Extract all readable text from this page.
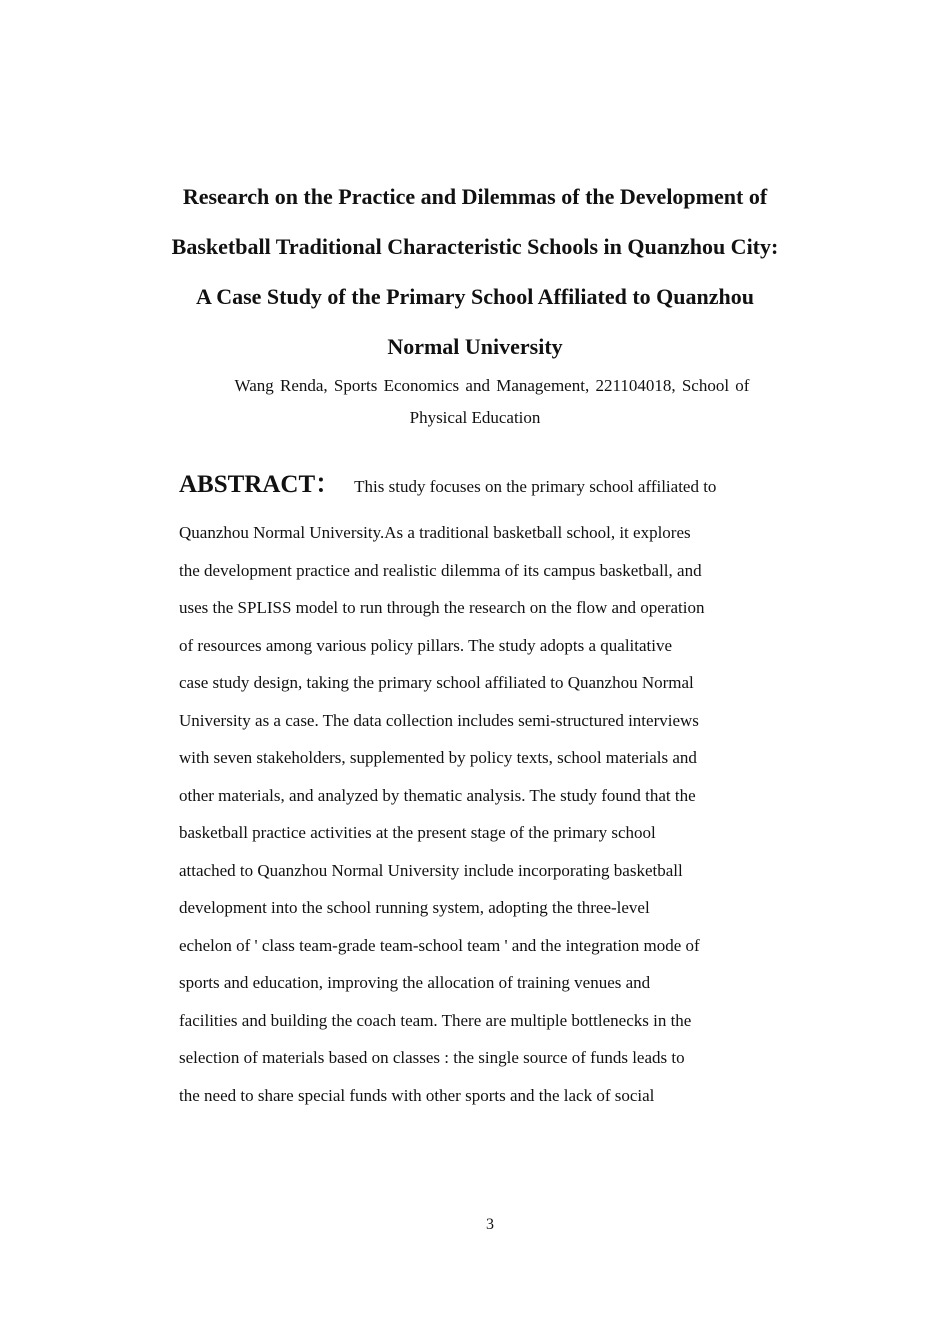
Research on the Practice and Dilemmas of the Development of
Basketball Traditional Characteristic Schools in Quanzhou City:
A Case Study of the Primary School Affiliated to Quanzhou
Normal University
Wang Renda, Sports Economics and Management, 221104018, School of
Physical Education
ABSTRACT： This study focuses on the primary school affiliated to
Quanzhou Normal University.As a traditional basketball school, it explores
the development practice and realistic dilemma of its campus basketball, and
uses the SPLISS model to run through the research on the flow and operation
of resources among various policy pillars. The study adopts a qualitative
case study design, taking the primary school affiliated to Quanzhou Normal
University as a case. The data collection includes semi-structured interviews
with seven stakeholders, supplemented by policy texts, school materials and
other materials, and analyzed by thematic analysis. The study found that the
basketball practice activities at the present stage of the primary school
attached to Quanzhou Normal University include incorporating basketball
development into the school running system, adopting the three-level
echelon of ' class team-grade team-school team ' and the integration mode of
sports and education, improving the allocation of training venues and
facilities and building the coach team. There are multiple bottlenecks in the
selection of materials based on classes : the single source of funds leads to
the need to share special funds with other sports and the lack of social
3
